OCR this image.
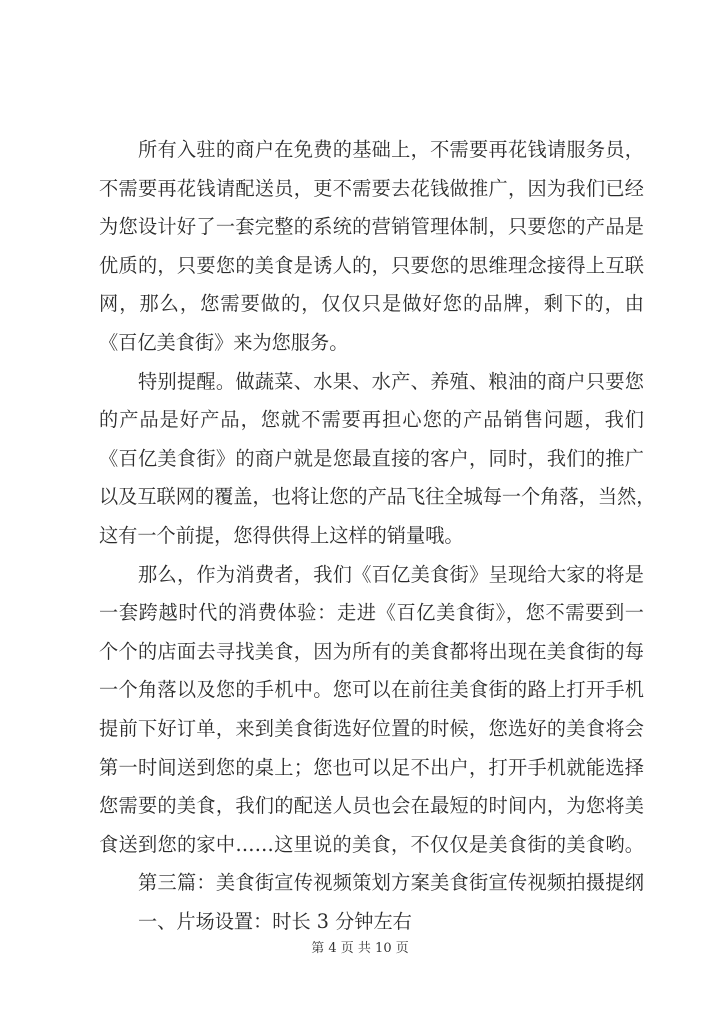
所有入驻的商户在免费的基础上，不需要再花钱请服务员，
不需要再花钱请配送员，更不需要去花钱做推广，因为我们已经
为您设计好了一套完整的系统的营销管理体制，只要您的产品是
优质的，只要您的美食是诱人的，只要您的思维理念接得上互联
网，那么，您需要做的，仅仅只是做好您的品牌，剩下的，由
《百亿美食街》来为您服务。
特别提醒。做蔬菜、水果、水产、养殖、粮油的商户只要您
的产品是好产品，您就不需要再担心您的产品销售问题，我们
《百亿美食街》的商户就是您最直接的客户，同时，我们的推广
以及互联网的覆盖，也将让您的产品飞往全城每一个角落，当然，
这有一个前提，您得供得上这样的销量哦。
那么，作为消费者，我们《百亿美食街》呈现给大家的将是
一套跨越时代的消费体验：走进《百亿美食街》，您不需要到一
个个的店面去寻找美食，因为所有的美食都将出现在美食街的每
一个角落以及您的手机中。您可以在前往美食街的路上打开手机
提前下好订单，来到美食街选好位置的时候，您选好的美食将会
第一时间送到您的桌上；您也可以足不出户，打开手机就能选择
您需要的美食，我们的配送人员也会在最短的时间内，为您将美
食送到您的家中……这里说的美食，不仅仅是美食街的美食哟。
第三篇：美食街宣传视频策划方案美食街宣传视频拍摄提纲
一、片场设置：时长 3 分钟左右
第 4 页 共 10 页
